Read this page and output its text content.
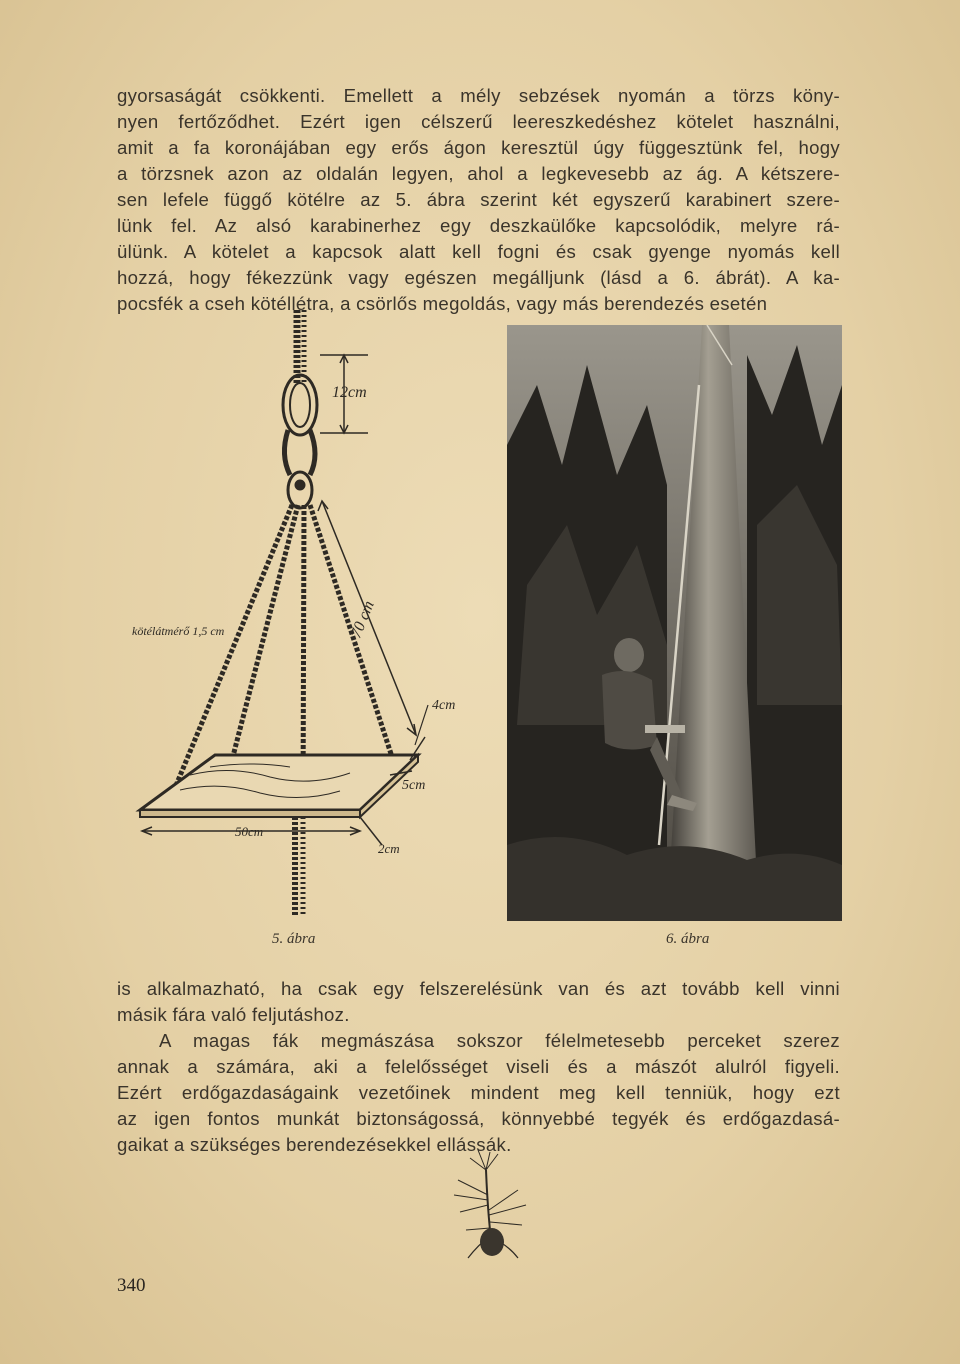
gyorsaságát csökkenti. Emellett a mély sebzések nyomán a törzs köny-
nyen fertőződhet. Ezért igen célszerű leereszkedéshez kötelet használni,
amit a fa koronájában egy erős ágon keresztül úgy függesztünk fel, hogy
a törzsnek azon az oldalán legyen, ahol a legkevesebb az ág. A kétszere-
sen lefele függő kötélre az 5. ábra szerint két egyszerű karabinert szere-
lünk fel. Az alsó karabinerhez egy deszkaülőke kapcsolódik, melyre rá-
ülünk. A kötelet a kapcsok alatt kell fogni és csak gyenge nyomás kell
hozzá, hogy fékezzünk vagy egészen megálljunk (lásd a 6. ábrát). A ka-
pocsfék a cseh kötéllétra, a csörlős megoldás, vagy más berendezés esetén
12cm
70 cm
kötélátmérő 1,5 cm
4cm
5cm
50cm
2cm
5. ábra	6. ábra
is alkalmazható, ha csak egy felszerelésünk van és azt tovább kell vinni
másik fára való feljutáshoz.
A magas fák megmászása sokszor félelmetesebb perceket szerez
annak a számára, aki a felelősséget viseli és a mászót alulról figyeli.
Ezért erdőgazdaságaink vezetőinek mindent meg kell tenniük, hogy ezt
az igen fontos munkát biztonságossá, könnyebbé tegyék és erdőgazdasá-
gaikat a szükséges berendezésekkel ellássák.
340
